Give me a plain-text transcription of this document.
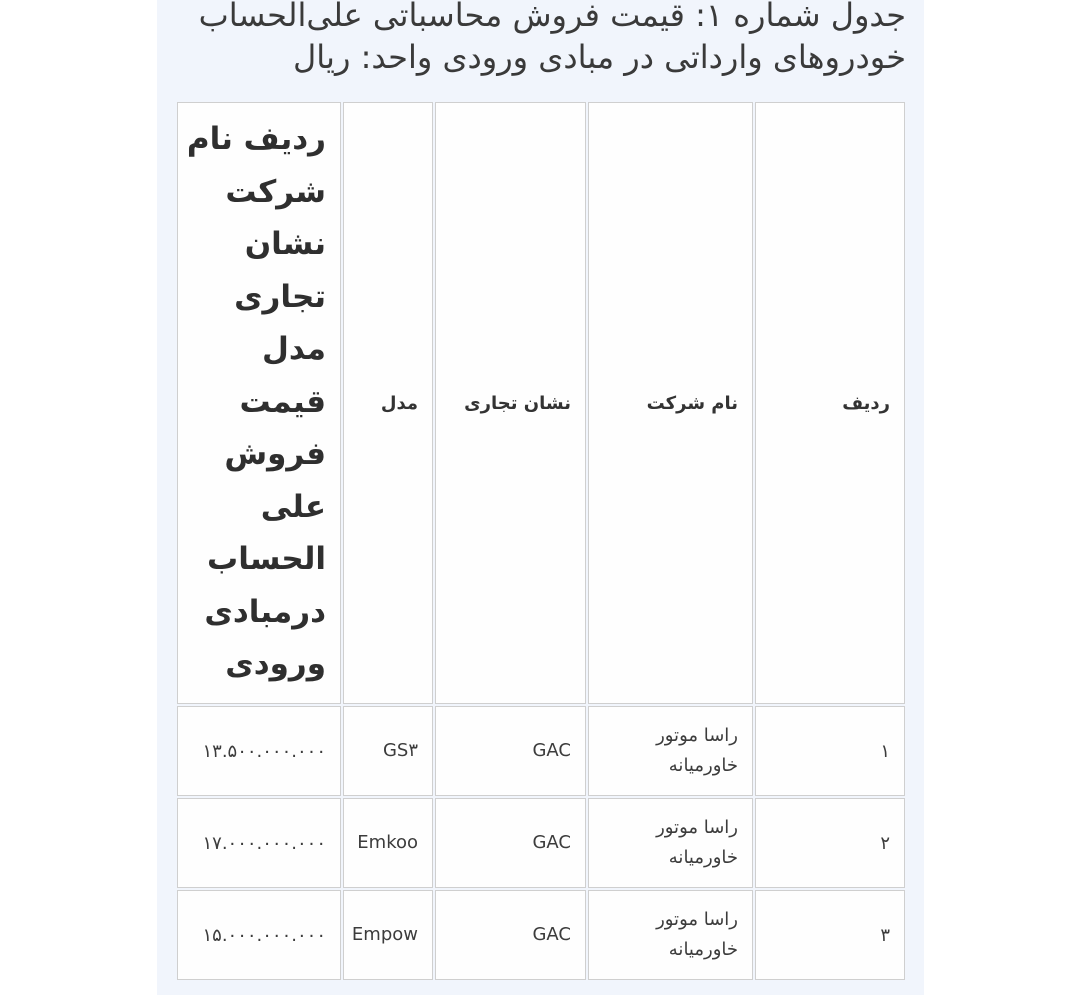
جدول شماره ۱: قیمت فروش محاسباتی علی‌الحساب
خودروهای وارداتی در مبادی ورودی واحد: ریال
ردیف
نام شرکت
نشان تجاری
مدل
ردیف نام شرکت نشان تجاری مدل قیمت فروش علی الحساب درمبادی ورودی
۱
راسا موتور خاورمیانه
GAC
GS۳
۱۳.۵۰۰.۰۰۰.۰۰۰
۲
راسا موتور خاورمیانه
GAC
Emkoo
۱۷.۰۰۰.۰۰۰.۰۰۰
۳
راسا موتور خاورمیانه
GAC
Empow
۱۵.۰۰۰.۰۰۰.۰۰۰
